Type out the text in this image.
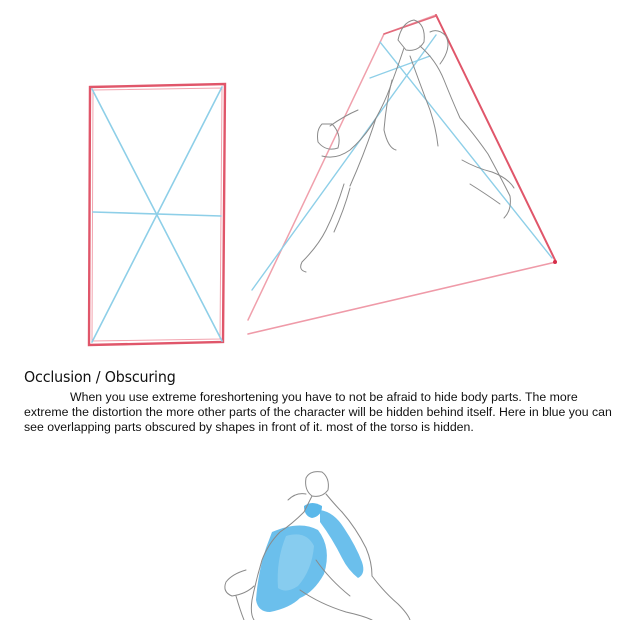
Occlusion / Obscuring

When you use extreme foreshortening you have to not be afraid to hide body parts. The more extreme the distortion the more other parts of the character will be hidden behind itself. Here in blue you can see overlapping parts obscured by shapes in front of it. most of the torso is hidden.
